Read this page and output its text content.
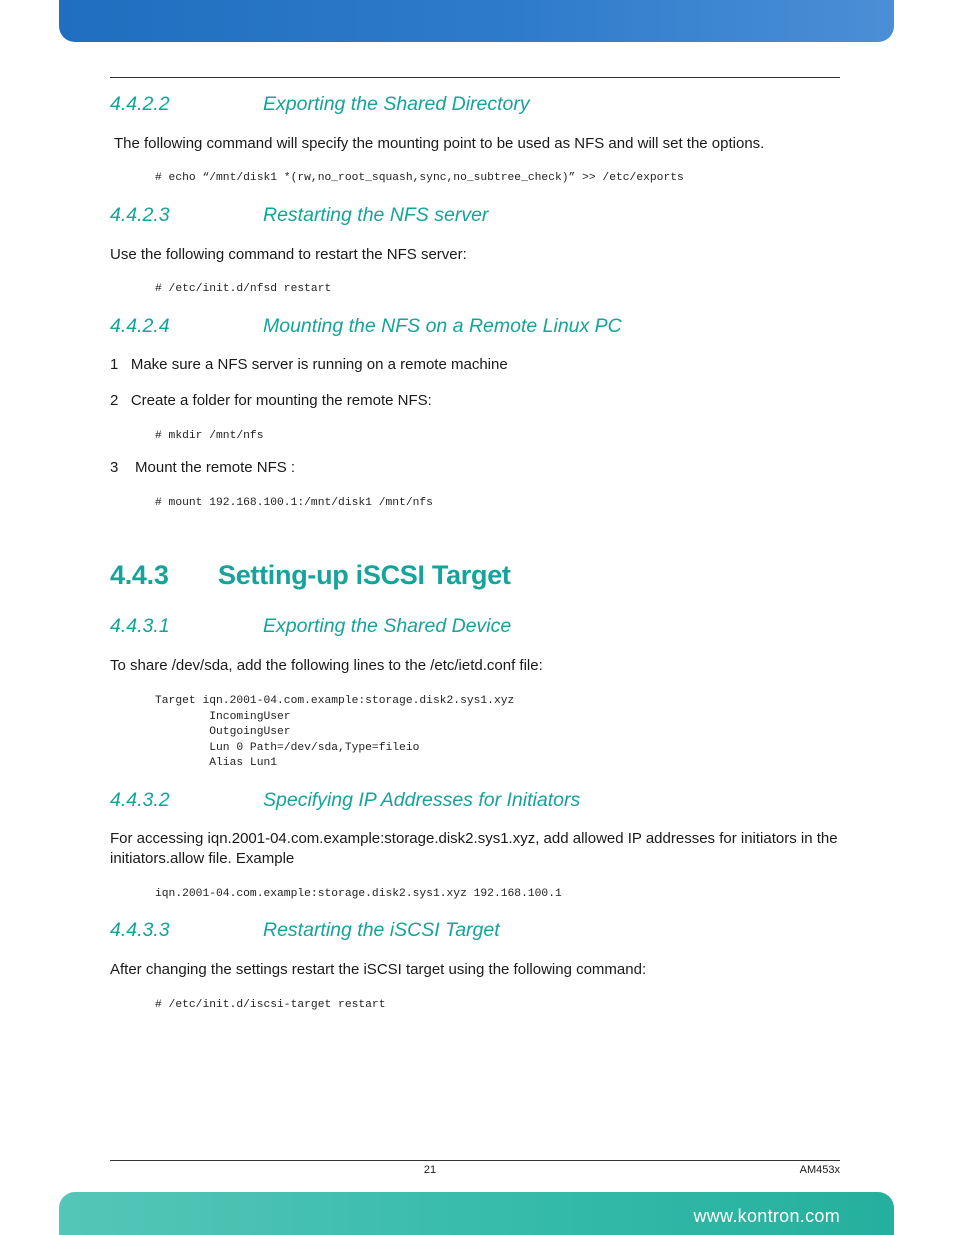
4.4.2.2	Exporting the Shared Directory
The following command will specify the mounting point to be used as NFS and will set the options.
# echo “/mnt/disk1 *(rw,no_root_squash,sync,no_subtree_check)” >> /etc/exports
4.4.2.3	Restarting the NFS server
Use the following command to restart the NFS server:
# /etc/init.d/nfsd restart
4.4.2.4	Mounting the NFS on a Remote Linux PC
1   Make sure a NFS server is running on a remote machine
2   Create a folder for mounting the remote NFS:
# mkdir /mnt/nfs
3    Mount the remote NFS :
# mount 192.168.100.1:/mnt/disk1 /mnt/nfs
4.4.3 Setting-up iSCSI Target
4.4.3.1	Exporting the Shared Device
To share /dev/sda, add the following lines to the /etc/ietd.conf file:
Target iqn.2001-04.com.example:storage.disk2.sys1.xyz
IncomingUser
OutgoingUser
Lun 0 Path=/dev/sda,Type=fileio
Alias Lun1
4.4.3.2	Specifying IP Addresses for Initiators
For accessing iqn.2001-04.com.example:storage.disk2.sys1.xyz, add allowed IP addresses for initiators in the initiators.allow file. Example
iqn.2001-04.com.example:storage.disk2.sys1.xyz 192.168.100.1
4.4.3.3	Restarting the iSCSI Target
After changing the settings restart the iSCSI target using the following command:
# /etc/init.d/iscsi-target restart
21	AM453x
www.kontron.com
